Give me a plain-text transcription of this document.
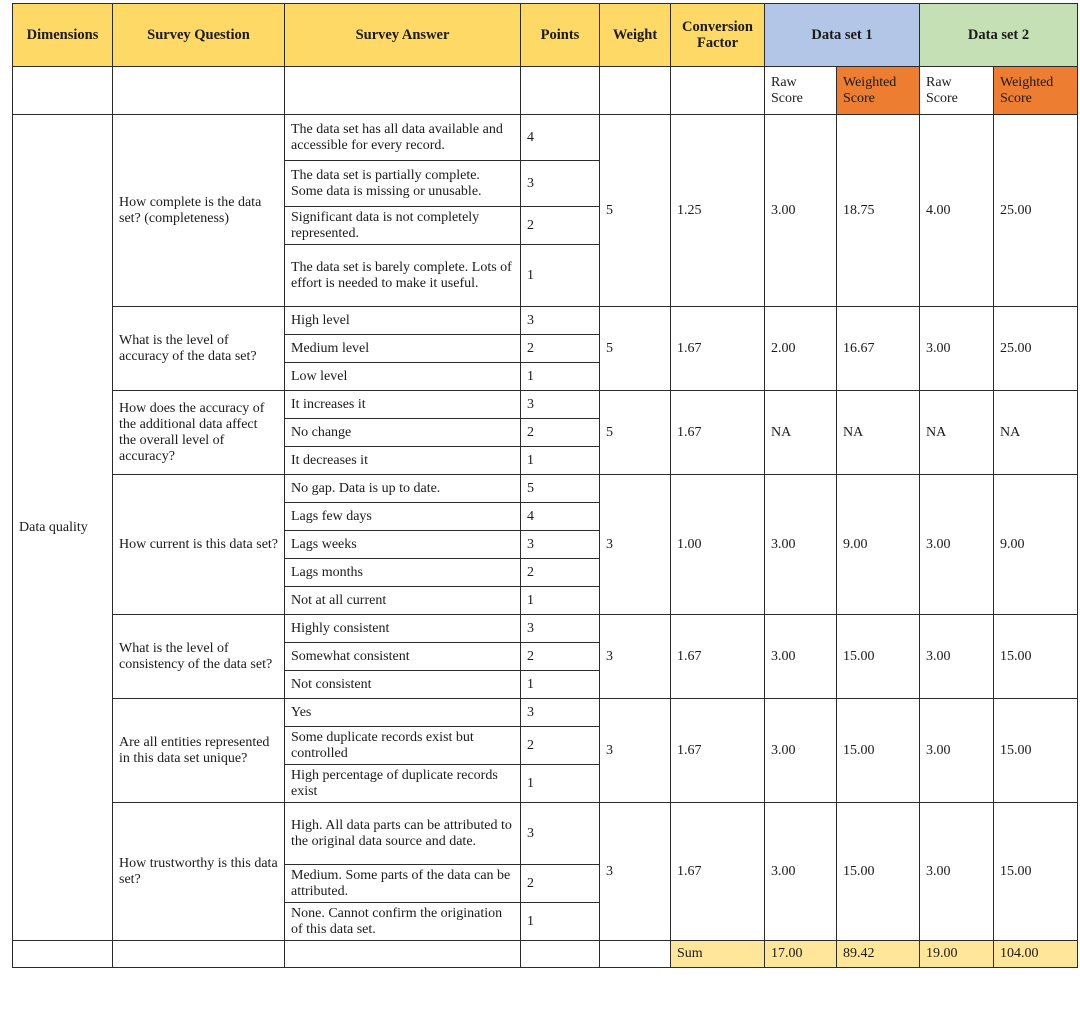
Dimensions	Survey Question	Survey Answer	Points	Weight	Conversion Factor	Data set 1		Data set 2	
						Raw Score	Weighted Score	Raw Score	Weighted Score
Data quality	How complete is the data set? (completeness)	The data set has all data available and accessible for every record.	4	5	1.25	3.00	18.75	4.00	25.00
		The data set is partially complete. Some data is missing or unusable.	3						
		Significant data is not completely represented.	2						
		The data set is barely complete. Lots of effort is needed to make it useful.	1						
	What is the level of accuracy of the data set?	High level	3	5	1.67	2.00	16.67	3.00	25.00
		Medium level	2						
		Low level	1						
	How does the accuracy of the additional data affect the overall level of accuracy?	It increases it	3	5	1.67	NA	NA	NA	NA
		No change	2						
		It decreases it	1						
	How current is this data set?	No gap. Data is up to date.	5	3	1.00	3.00	9.00	3.00	9.00
		Lags few days	4						
		Lags weeks	3						
		Lags months	2						
		Not at all current	1						
	What is the level of consistency of the data set?	Highly consistent	3	3	1.67	3.00	15.00	3.00	15.00
		Somewhat consistent	2						
		Not consistent	1						
	Are all entities represented in this data set unique?	Yes	3	3	1.67	3.00	15.00	3.00	15.00
		Some duplicate records exist but controlled	2						
		High percentage of duplicate records exist	1						
	How trustworthy is this data set?	High. All data parts can be attributed to the original data source and date.	3	3	1.67	3.00	15.00	3.00	15.00
		Medium. Some parts of the data can be attributed.	2						
		None. Cannot confirm the origination of this data set.	1						
					Sum	17.00	89.42	19.00	104.00
